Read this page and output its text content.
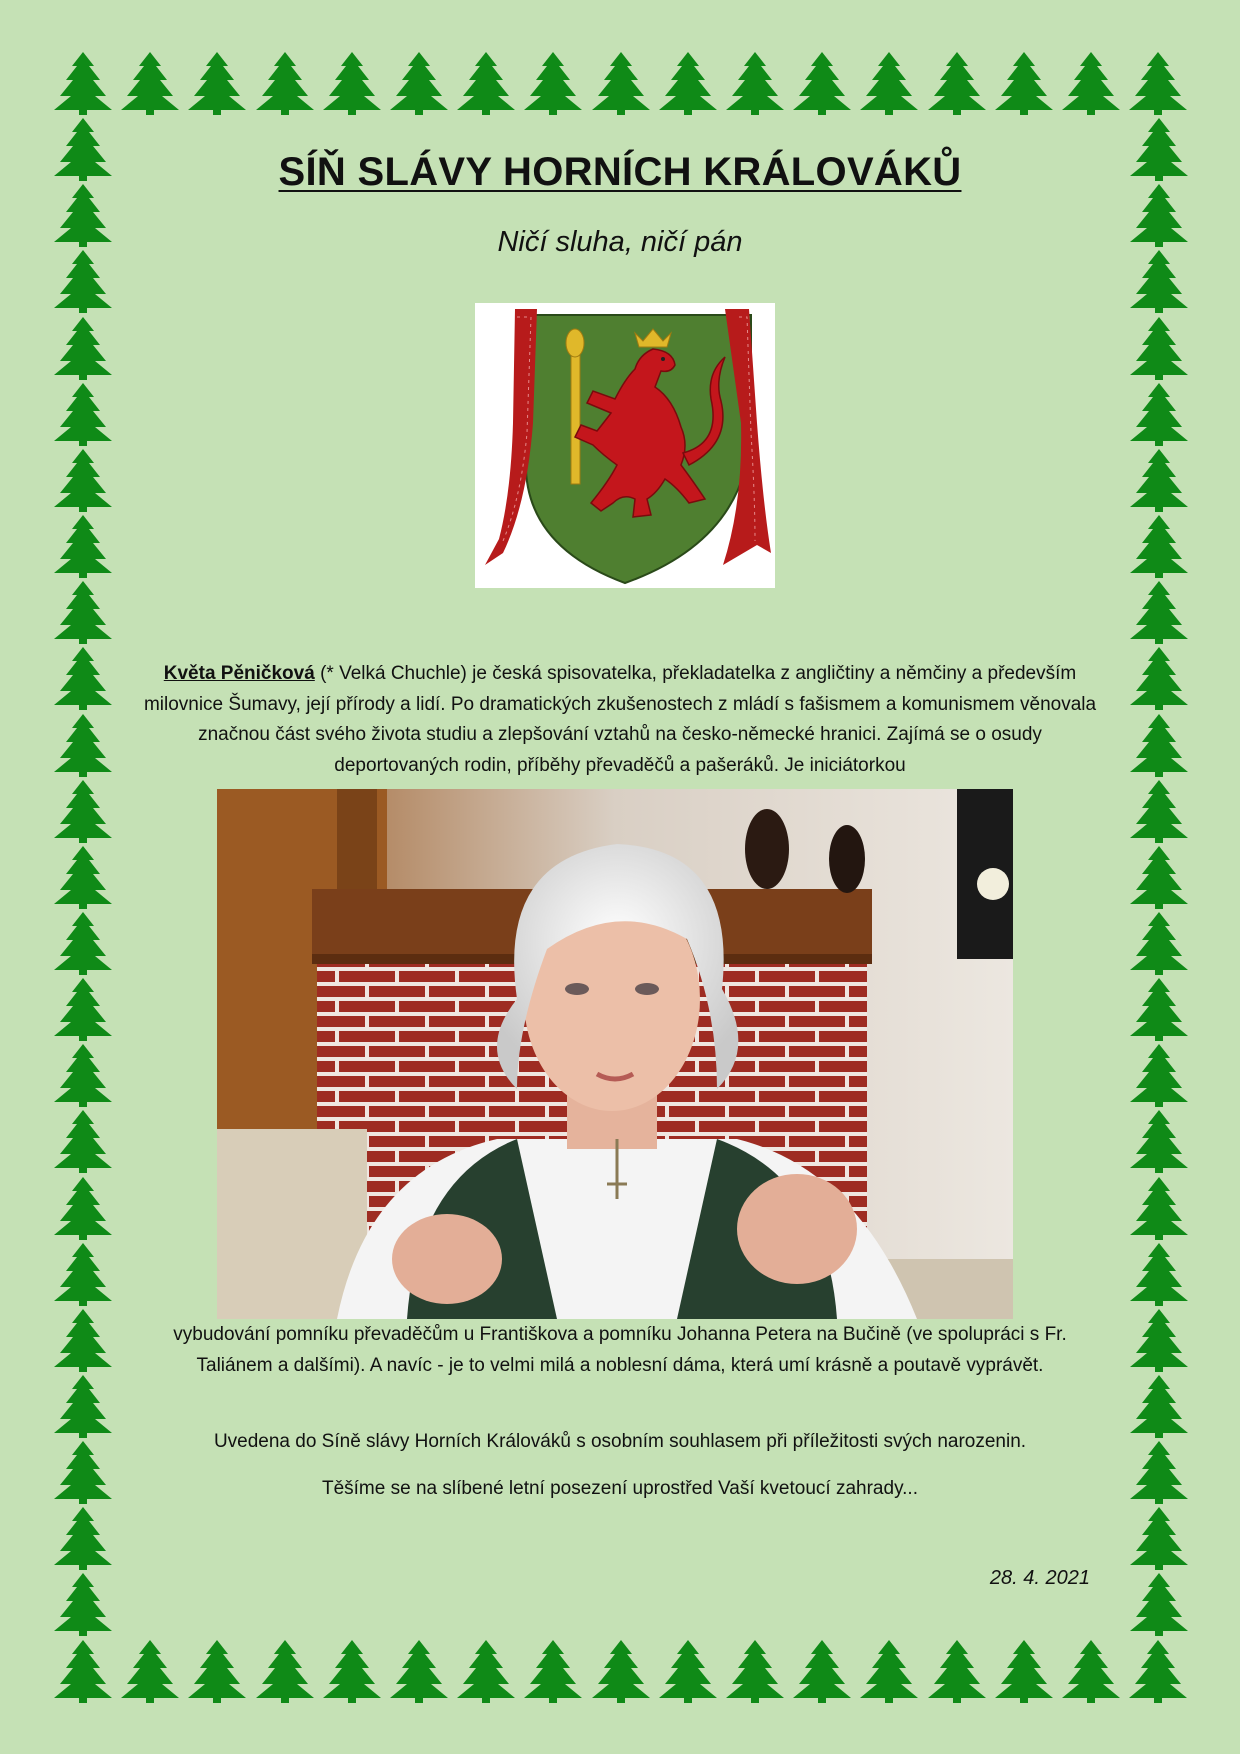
SÍŇ SLÁVY HORNÍCH KRÁLOVÁKŮ
Ničí sluha, ničí pán
Květa Pěničková (* Velká Chuchle) je česká spisovatelka, překladatelka z angličtiny a němčiny a především milovnice Šumavy, její přírody a lidí. Po dramatických zkušenostech z mládí s fašismem a komunismem věnovala značnou část svého života studiu a zlepšování vztahů na česko-německé hranici. Zajímá se o osudy deportovaných rodin, příběhy převaděčů a pašeráků. Je iniciátorkou
vybudování pomníku převaděčům u Františkova a pomníku Johanna Petera na Bučině (ve spolupráci s Fr. Taliánem a dalšími). A navíc - je to velmi milá a noblesní dáma, která umí krásně a poutavě vyprávět.
Uvedena do Síně slávy Horních Králováků s osobním souhlasem při příležitosti svých narozenin.
Těšíme se na slíbené letní posezení uprostřed Vaší kvetoucí zahrady...
28. 4. 2021
